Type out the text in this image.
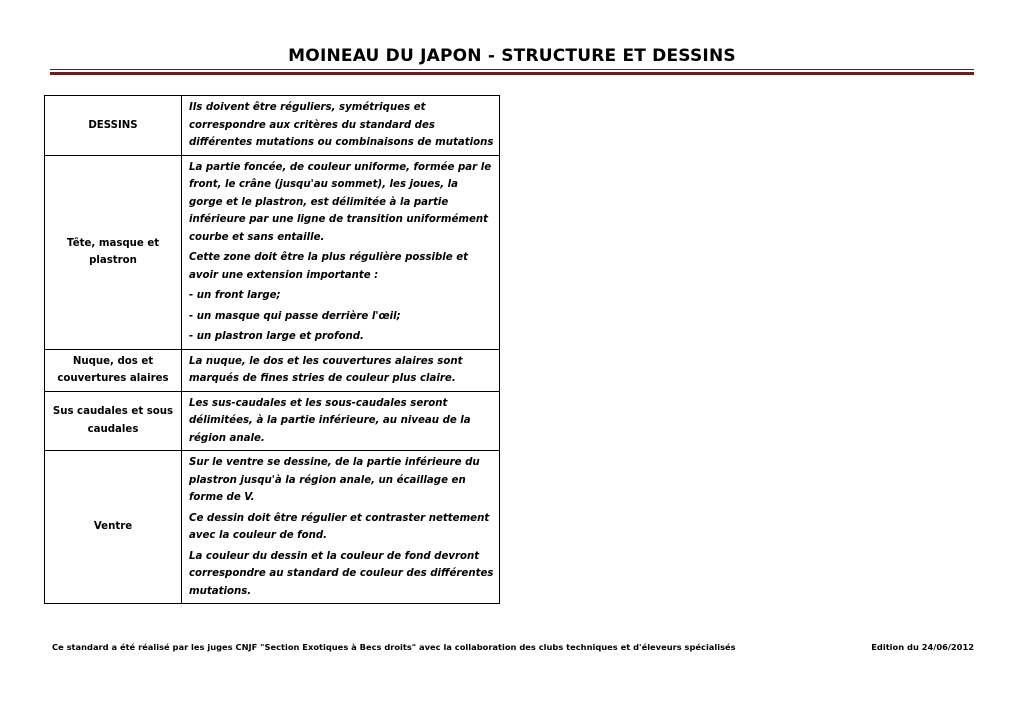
MOINEAU DU JAPON - STRUCTURE ET DESSINS
DESSINS	Ils doivent être réguliers, symétriques et correspondre aux critères du standard des différentes mutations ou combinaisons de mutations

Tête, masque et plastron	La partie foncée, de couleur uniforme, formée par le front, le crâne (jusqu'au sommet), les joues, la gorge et le plastron, est délimitée à la partie inférieure par une ligne de transition uniformément courbe et sans entaille.

Cette zone doit être la plus régulière possible et avoir une extension importante :

- un front large;

- un masque qui passe derrière l'œil;

- un plastron large et profond.

Nuque, dos et couvertures alaires	La nuque, le dos et les couvertures alaires sont marqués de fines stries de couleur plus claire.

Sus caudales et sous caudales	Les sus-caudales et les sous-caudales seront délimitées, à la partie inférieure, au niveau de la région anale.

Ventre	Sur le ventre se dessine, de la partie inférieure du plastron jusqu'à la région anale, un écaillage en forme de V.

Ce dessin doit être régulier et contraster nettement avec la couleur de fond.

La couleur du dessin et la couleur de fond devront correspondre au standard de couleur des différentes mutations.

Ce standard a été réalisé par les juges CNJF "Section Exotiques à Becs droits" avec la collaboration des clubs techniques et d'éleveurs spécialisés	Edition du 24/06/2012
